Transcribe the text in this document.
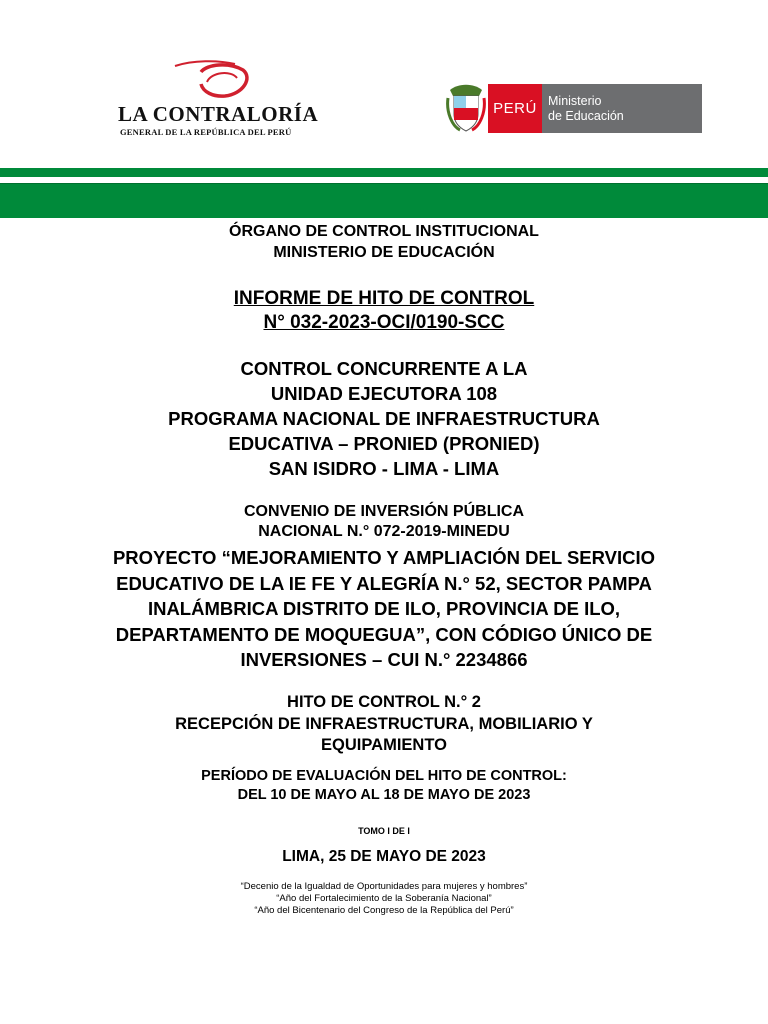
LA CONTRALORÍA
GENERAL DE LA REPÚBLICA DEL PERÚ
PERÚ Ministerio
de Educación
ÓRGANO DE CONTROL INSTITUCIONAL
MINISTERIO DE EDUCACIÓN
INFORME DE HITO DE CONTROL
N° 032-2023-OCI/0190-SCC
CONTROL CONCURRENTE A LA
UNIDAD EJECUTORA 108
PROGRAMA NACIONAL DE INFRAESTRUCTURA
EDUCATIVA – PRONIED (PRONIED)
SAN ISIDRO - LIMA - LIMA
CONVENIO DE INVERSIÓN PÚBLICA
NACIONAL N.° 072-2019-MINEDU
PROYECTO “MEJORAMIENTO Y AMPLIACIÓN DEL SERVICIO
EDUCATIVO DE LA IE FE Y ALEGRÍA N.° 52, SECTOR PAMPA
INALÁMBRICA DISTRITO DE ILO, PROVINCIA DE ILO,
DEPARTAMENTO DE MOQUEGUA”, CON CÓDIGO ÚNICO DE
INVERSIONES – CUI N.° 2234866
HITO DE CONTROL N.° 2
RECEPCIÓN DE INFRAESTRUCTURA, MOBILIARIO Y
EQUIPAMIENTO
PERÍODO DE EVALUACIÓN DEL HITO DE CONTROL:
DEL 10 DE MAYO AL 18 DE MAYO DE 2023
TOMO I DE I
LIMA, 25 DE MAYO DE 2023
“Decenio de la Igualdad de Oportunidades para mujeres y hombres”
“Año del Fortalecimiento de la Soberanía Nacional”
“Año del Bicentenario del Congreso de la República del Perú”
